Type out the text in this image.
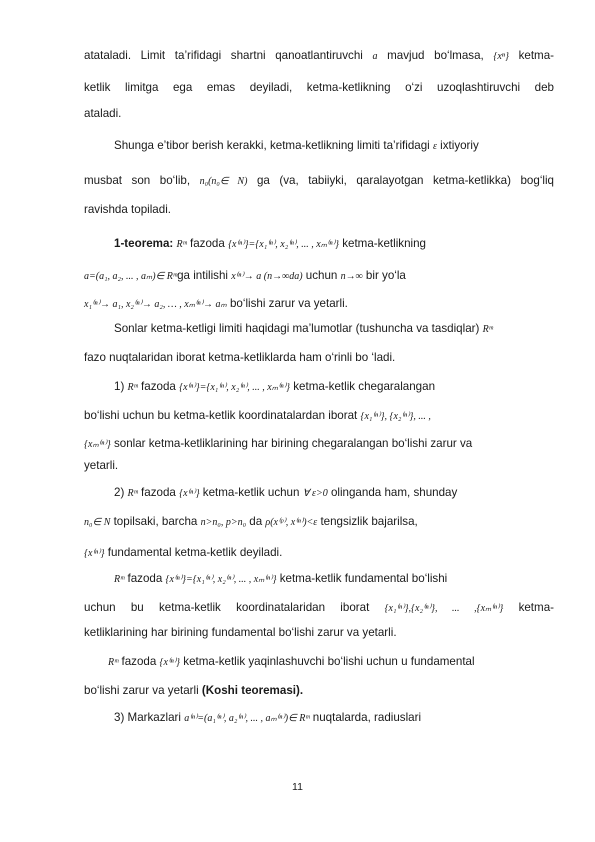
atataladi. Limit ta’rifidagi shartni qanoatlantiruvchi a mavjud bo‘lmasa, {xⁿ} ketma-
ketlik limitga ega emas deyiladi, ketma-ketlikning o‘zi uzoqlashtiruvchi deb
ataladi.
Shunga e’tibor berish kerakki, ketma-ketlikning limiti ta’rifidagi ε ixtiyoriy
musbat son bo‘lib, n₀(n₀∈ N) ga (va, tabiiyki, qaralayotgan ketma-ketlikka) bog‘liq
ravishda topiladi.
1-teorema: Rᵐ fazoda {x⁽ⁿ⁾}={x₁⁽ⁿ⁾, x₂⁽ⁿ⁾, ... , xₘ⁽ⁿ⁾} ketma-ketlikning
a=(a₁, a₂, ... , aₘ)∈ Rᵐga intilishi x⁽ⁿ⁾→ a (n→∞da) uchun n→∞ bir yo‘la
x₁⁽ⁿ⁾→ a₁, x₂⁽ⁿ⁾→ a₂, … , xₘ⁽ⁿ⁾→ aₘ bo‘lishi zarur va yetarli.
Sonlar ketma-ketligi limiti haqidagi ma’lumotlar (tushuncha va tasdiqlar) Rᵐ
fazo nuqtalaridan iborat ketma-ketliklarda ham o‘rinli bo ‘ladi.
1) Rᵐ fazoda {x⁽ⁿ⁾}={x₁⁽ⁿ⁾, x₂⁽ⁿ⁾, ... , xₘ⁽ⁿ⁾} ketma-ketlik chegaralangan
bo‘lishi uchun bu ketma-ketlik koordinatalardan iborat {x₁⁽ⁿ⁾}, {x₂⁽ⁿ⁾}, ... ,
{xₘ⁽ⁿ⁾} sonlar ketma-ketliklarining har birining chegaralangan bo‘lishi zarur va
yetarli.
2) Rᵐ fazoda {x⁽ⁿ⁾} ketma-ketlik uchun ∀ ε>0 olinganda ham, shunday
n₀∈ N topilsaki, barcha n>n₀, p>n₀ da ρ(x⁽ᵖ⁾, x⁽ⁿ⁾)<ε tengsizlik bajarilsa,
{x⁽ⁿ⁾} fundamental ketma-ketlik deyiladi.
Rᵐ fazoda {x⁽ⁿ⁾}={x₁⁽ⁿ⁾, x₂⁽ⁿ⁾, ... , xₘ⁽ⁿ⁾} ketma-ketlik fundamental bo‘lishi
uchun bu ketma-ketlik koordinatalaridan iborat {x₁⁽ⁿ⁾},{x₂⁽ⁿ⁾}, ... ,{xₘ⁽ⁿ⁾} ketma-
ketliklarining har birining fundamental bo‘lishi zarur va yetarli.
Rᵐ fazoda {x⁽ⁿ⁾} ketma-ketlik yaqinlashuvchi bo‘lishi uchun u fundamental
bo‘lishi zarur va yetarli (Koshi teoremasi).
3) Markazlari a⁽ⁿ⁾=(a₁⁽ⁿ⁾, a₂⁽ⁿ⁾, ... , aₘ⁽ⁿ⁾)∈ Rᵐ nuqtalarda, radiuslari
11
